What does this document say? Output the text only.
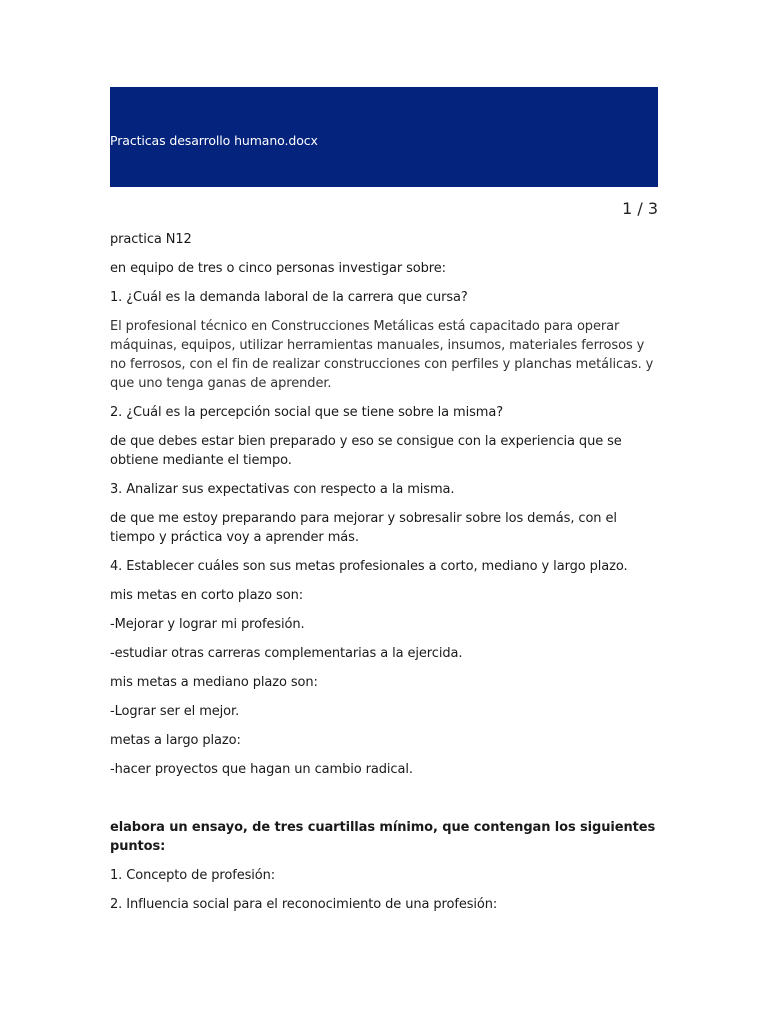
Practicas desarrollo humano.docx
1 / 3

practica N12

en equipo de tres o cinco personas investigar sobre:

1. ¿Cuál es la demanda laboral de la carrera que cursa?

El profesional técnico en Construcciones Metálicas está capacitado para operar máquinas, equipos, utilizar herramientas manuales, insumos, materiales ferrosos y no ferrosos, con el fin de realizar construcciones con perfiles y planchas metálicas. y que uno tenga ganas de aprender.

2. ¿Cuál es la percepción social que se tiene sobre la misma?

de que debes estar bien preparado y eso se consigue con la experiencia que se obtiene mediante el tiempo.

3. Analizar sus expectativas con respecto a la misma.

de que me estoy preparando para mejorar y sobresalir sobre los demás, con el tiempo y práctica voy a aprender más.

4. Establecer cuáles son sus metas profesionales a corto, mediano y largo plazo.

mis metas en corto plazo son:

-Mejorar y lograr mi profesión.

-estudiar otras carreras complementarias a la ejercida.

mis metas a mediano plazo son:

-Lograr ser el mejor.

metas a largo plazo:

-hacer proyectos que hagan un cambio radical.

elabora un ensayo, de tres cuartillas mínimo, que contengan los siguientes puntos:

1. Concepto de profesión:

2. Influencia social para el reconocimiento de una profesión:
